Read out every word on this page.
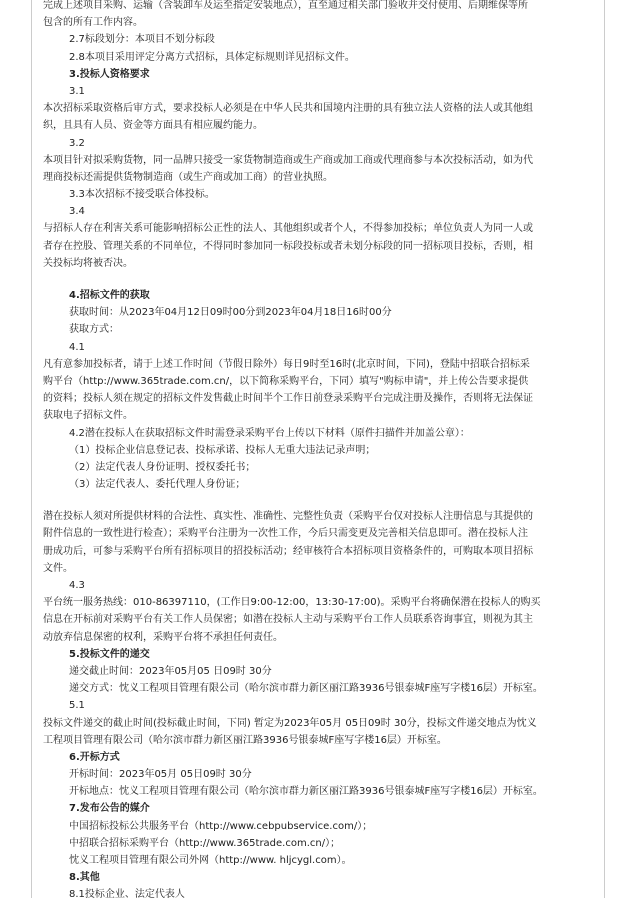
完成上述项目采购、运输（含装卸车及运至指定安装地点），直至通过相关部门验收并交付使用、后期维保等所
包含的所有工作内容。
2.7标段划分：本项目不划分标段
2.8本项目采用评定分离方式招标，具体定标规则详见招标文件。
3.投标人资格要求
3.1
本次招标采取资格后审方式，要求投标人必须是在中华人民共和国境内注册的具有独立法人资格的法人或其他组
织，且具有人员、资金等方面具有相应履约能力。
3.2
本项目针对拟采购货物，同一品牌只接受一家货物制造商或生产商或加工商或代理商参与本次投标活动，如为代
理商投标还需提供货物制造商（或生产商或加工商）的营业执照。
3.3本次招标不接受联合体投标。
3.4
与招标人存在利害关系可能影响招标公正性的法人、其他组织或者个人，不得参加投标；单位负责人为同一人或
者存在控股、管理关系的不同单位，不得同时参加同一标段投标或者未划分标段的同一招标项目投标，否则，相
关投标均将被否决。
4.招标文件的获取
获取时间：从2023年04月12日09时00分到2023年04月18日16时00分
获取方式：
4.1
凡有意参加投标者，请于上述工作时间（节假日除外）每日9时至16时(北京时间，下同)，登陆中招联合招标采
购平台（http://www.365trade.com.cn/，以下简称采购平台，下同）填写"购标申请"，并上传公告要求提供
的资料；投标人须在规定的招标文件发售截止时间半个工作日前登录采购平台完成注册及操作，否则将无法保证
获取电子招标文件。
4.2潜在投标人在获取招标文件时需登录采购平台上传以下材料（原件扫描件并加盖公章）：
（1）投标企业信息登记表、投标承诺、投标人无重大违法记录声明；
（2）法定代表人身份证明、授权委托书；
（3）法定代表人、委托代理人身份证；
潜在投标人须对所提供材料的合法性、真实性、准确性、完整性负责（采购平台仅对投标人注册信息与其提供的
附件信息的一致性进行检查）；采购平台注册为一次性工作，今后只需变更及完善相关信息即可。潜在投标人注
册成功后，可参与采购平台所有招标项目的招投标活动；经审核符合本招标项目资格条件的，可购取本项目招标
文件。
4.3
平台统一服务热线：010-86397110，(工作日9:00-12:00，13:30-17:00)。采购平台将确保潜在投标人的购买
信息在开标前对采购平台有关工作人员保密；如潜在投标人主动与采购平台工作人员联系咨询事宜，则视为其主
动放弃信息保密的权利，采购平台将不承担任何责任。
5.投标文件的递交
递交截止时间：2023年05月05 日09时 30分
递交方式：忱义工程项目管理有限公司（哈尔滨市群力新区丽江路3936号银泰城F座写字楼16层）开标室。
5.1
投标文件递交的截止时间(投标截止时间，下同) 暂定为2023年05月 05日09时 30分，投标文件递交地点为忱义
工程项目管理有限公司（哈尔滨市群力新区丽江路3936号银泰城F座写字楼16层）开标室。
6.开标方式
开标时间：2023年05月 05日09时 30分
开标地点：忱义工程项目管理有限公司（哈尔滨市群力新区丽江路3936号银泰城F座写字楼16层）开标室。
7.发布公告的媒介
中国招标投标公共服务平台（http://www.cebpubservice.com/）；
中招联合招标采购平台（http://www.365trade.com.cn/）；
忱义工程项目管理有限公司外网（http://www. hljcygl.com）。
8.其他
8.1投标企业、法定代表人
